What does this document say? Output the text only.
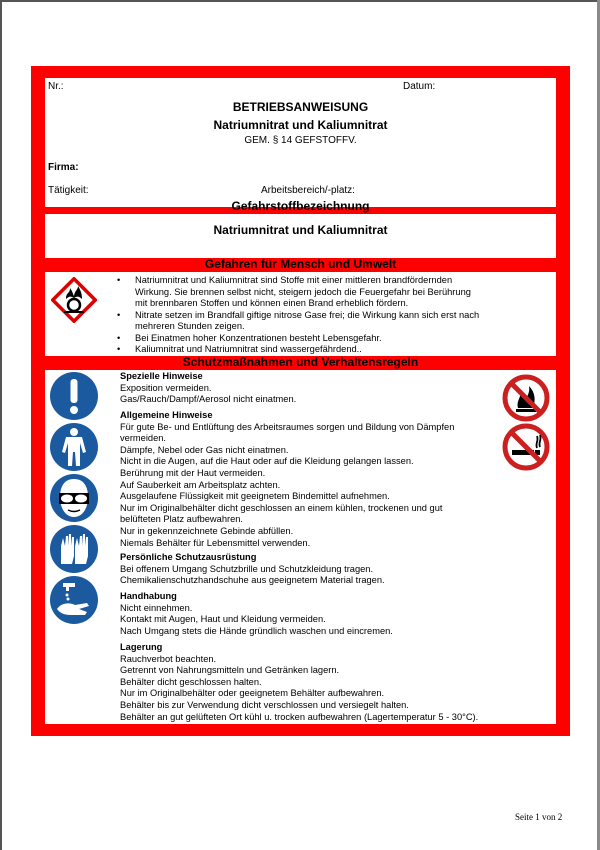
Nr.:	Datum:
BETRIEBSANWEISUNG
Natriumnitrat und Kaliumnitrat
GEM. § 14 GEFSTOFFV.
Firma:
Tätigkeit:	Arbeitsbereich/-platz:
Gefahrstoffbezeichnung
Natriumnitrat und Kaliumnitrat
Gefahren für Mensch und Umwelt
• Natriumnitrat und Kaliumnitrat sind Stoffe mit einer mittleren brandfördernden
Wirkung. Sie brennen selbst nicht, steigern jedoch die Feuergefahr bei Berührung
mit brennbaren Stoffen und können einen Brand erheblich fördern.
• Nitrate setzen im Brandfall giftige nitrose Gase frei; die Wirkung kann sich erst nach
mehreren Stunden zeigen.
• Bei Einatmen hoher Konzentrationen besteht Lebensgefahr.
• Kaliumnitrat und Natriumnitrat sind wassergefährdend..
Schutzmaßnahmen und Verhaltensregeln
Spezielle Hinweise
Exposition vermeiden.
Gas/Rauch/Dampf/Aerosol nicht einatmen.
Allgemeine Hinweise
Für gute Be- und Entlüftung des Arbeitsraumes sorgen und Bildung von Dämpfen
vermeiden.
Dämpfe, Nebel oder Gas nicht einatmen.
Nicht in die Augen, auf die Haut oder auf die Kleidung gelangen lassen.
Berührung mit der Haut vermeiden.
Auf Sauberkeit am Arbeitsplatz achten.
Ausgelaufene Flüssigkeit mit geeignetem Bindemittel aufnehmen.
Nur im Originalbehälter dicht geschlossen an einem kühlen, trockenen und gut
belüfteten Platz aufbewahren.
Nur in gekennzeichnete Gebinde abfüllen.
Niemals Behälter für Lebensmittel verwenden.
Persönliche Schutzausrüstung
Bei offenem Umgang Schutzbrille und Schutzkleidung tragen.
Chemikalienschutzhandschuhe aus geeignetem Material tragen.
Handhabung
Nicht einnehmen.
Kontakt mit Augen, Haut und Kleidung vermeiden.
Nach Umgang stets die Hände gründlich waschen und eincremen.
Lagerung
Rauchverbot beachten.
Getrennt von Nahrungsmitteln und Getränken lagern.
Behälter dicht geschlossen halten.
Nur im Originalbehälter oder geeignetem Behälter aufbewahren.
Behälter bis zur Verwendung dicht verschlossen und versiegelt halten.
Behälter an gut gelüfteten Ort kühl u. trocken aufbewahren (Lagertemperatur 5 - 30°C).
Seite 1 von 2
